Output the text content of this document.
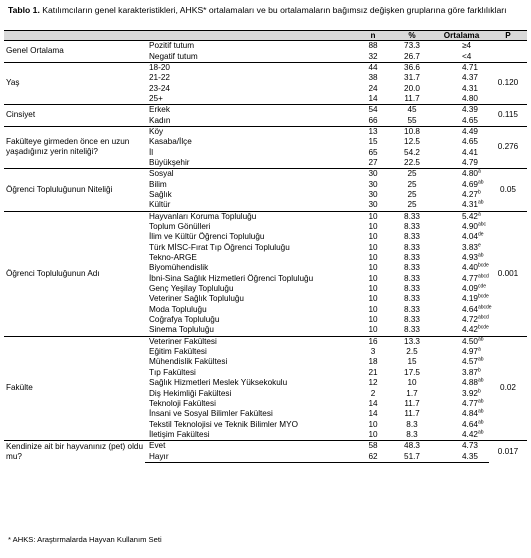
Tablo 1. Katılımcıların genel karakteristikleri, AHKS* ortalamaları ve bu ortalamaların bağımsız değişken gruplarına göre farklılıkları
		n	%	Ortalama	P
Genel Ortalama	Pozitif tutum	88	73.3	≥4	
	Negatif tutum	32	26.7	<4	
Yaş	18-20	44	36.6	4.71	0.120
	21-22	38	31.7	4.37	
	23-24	24	20.0	4.31	
	25+	14	11.7	4.80	
Cinsiyet	Erkek	54	45	4.39	0.115
	Kadın	66	55	4.65	
Fakülteye girmeden önce en uzun yaşadığınız yerin niteliği?	Köy	13	10.8	4.49	0.276
	Kasaba/İlçe	15	12.5	4.65	
	İl	65	54.2	4.41	
	Büyükşehir	27	22.5	4.79	
Öğrenci Topluluğunun Niteliği	Sosyal	30	25	4.80$^a$	0.05
	Bilim	30	25	4.69$^{ab}$
	Sağlık	30	25	4.27$^b$
	Kültür	30	25	4.31$^{ab}$
Öğrenci Topluluğunun Adı	Hayvanları Koruma Topluluğu	10	8.33	5.42$^a$	0.001
	Toplum Gönülleri	10	8.33	4.90$^{abc}$
	İlim ve Kültür Öğrenci Topluluğu	10	8.33	4.04de
	Türk MİSC-Fırat Tıp Öğrenci Topluluğu	10	8.33	3.83e
	Tekno-ARGE	10	8.33	4.93$^{ab}$
	Biyomühendislik	10	8.33	$4.40^{bcde}$
	İbni-Sina Sağlık Hizmetleri Öğrenci Topluluğu	10	8.33	$4.77^{abcd}$
	Genç Yeşilay Topluluğu	10	8.33	4.09$^{cde}$
	Veteriner Sağlık Topluluğu	10	8.33	$4.19^{bcde}$
	Moda Topluluğu	10	8.33	$4.64^{abcde}$
	Coğrafya Topluluğu	10	8.33	$4.72^{abcd}$
	Sinema Topluluğu	10	8.33	$4.42^{bcde}$
Fakülte	Veteriner Fakültesi	16	13.3	4.50$^{ab}$	0.02
	Eğitim Fakültesi	3	2.5	4.97$^a$
	Mühendislik Fakültesi	18	15	4.57$^{ab}$
	Tıp Fakültesi	21	17.5	3.87$^b$
	Sağlık Hizmetleri Meslek Yüksekokulu	12	10	4.88$^{ab}$
	Diş Hekimliği Fakültesi	2	1.7	3.92$^b$
	Teknoloji Fakültesi	14	11.7	4.77$^{ab}$
	İnsani ve Sosyal Bilimler Fakültesi	14	11.7	4.84$^{ab}$
	Tekstil Teknolojisi ve Teknik Bilimler MYO	10	8.3	4.64$^{ab}$
	İletişim Fakültesi	10	8.3	4.42$^{ab}$
Kendinize ait bir hayvanınız (pet) oldu mu?	Evet	58	48.3	4.73	0.017
	Hayır	62	51.7	4.35	
* AHKS: Araştırmalarda Hayvan Kullanım Seti
